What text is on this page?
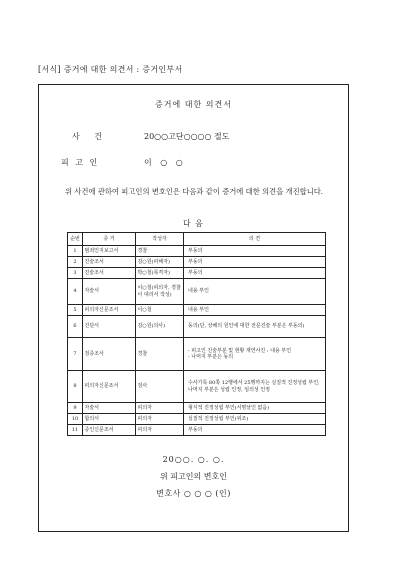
[서식] 증거에 대한 의견서 : 증거인부서
증거에 대한 의견서
사 건	20○○고단○○○○ 절도
피 고 인	이 ○ ○
위 사건에 관하여 피고인의 변호인은 다음과 같이 증거에 대한 의견을 개진합니다.
다 음
순번	증 거	작성자	의 견
1	범죄인지보고서	경찰	부동의
2	진술조서	김○원(피해자)	부동의
3	진술조서	박○철(목격자)	부동의
4	자술서	이○철(피의자, 경찰이 대리서 작성)	내용 부인
5	피의자신문조서	이○철	내용 부인
6	진단서	김○원(의사)	동의(단, 상해의 원인에 대한 전문진술 부분은 부동의)
7	검증조서	경찰	- 피고인 진술부분 및 현황 재연사진 : 내용 부인
- 나머지 부분은 동의
8	피의자신문조서	검사	수사기록 80쪽 12행에서 25행까지는 실질적 진정성립 부인, 나머지 부분은 성립 인정, 임의성 인정
9	자술서	피의자	형식적 진정성립 부인(서명날인 없음)
10	합의서	피의자	실질적 진정성립 부인(위조)
11	증인신문조서	피의자	부동의
20○○. ○. ○.
위 피고인의 변호인
변호사 ○ ○ ○ (인)
